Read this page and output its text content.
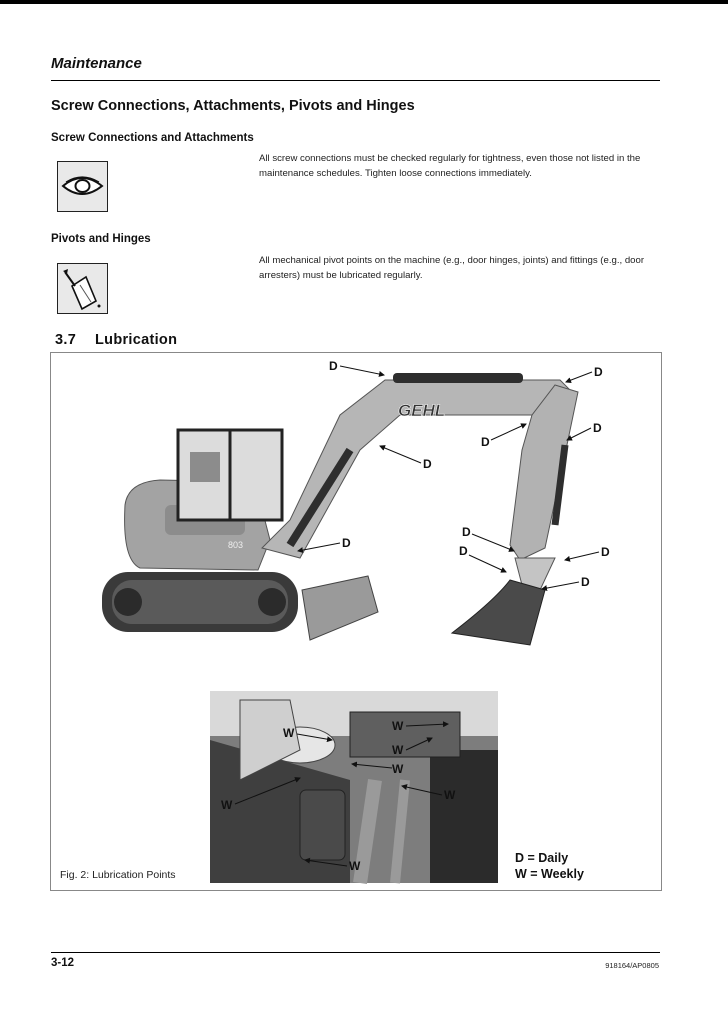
Maintenance
Screw Connections, Attachments, Pivots and Hinges
Screw Connections and Attachments
All screw connections must be checked regularly for tightness, even those not listed in the
maintenance schedules. Tighten loose connections immediately.
Pivots and Hinges
All mechanical pivot points on the machine (e.g., door hinges, joints) and fittings (e.g., door
arresters) must be lubricated regularly.
3.7 Lubrication
803
GEHL
D	D
D
D
D
D
D
D	D
D
W
W
W
W
W
W
W
Fig. 2: Lubrication Points
D = Daily
W = Weekly
3-12	918164/AP0805
